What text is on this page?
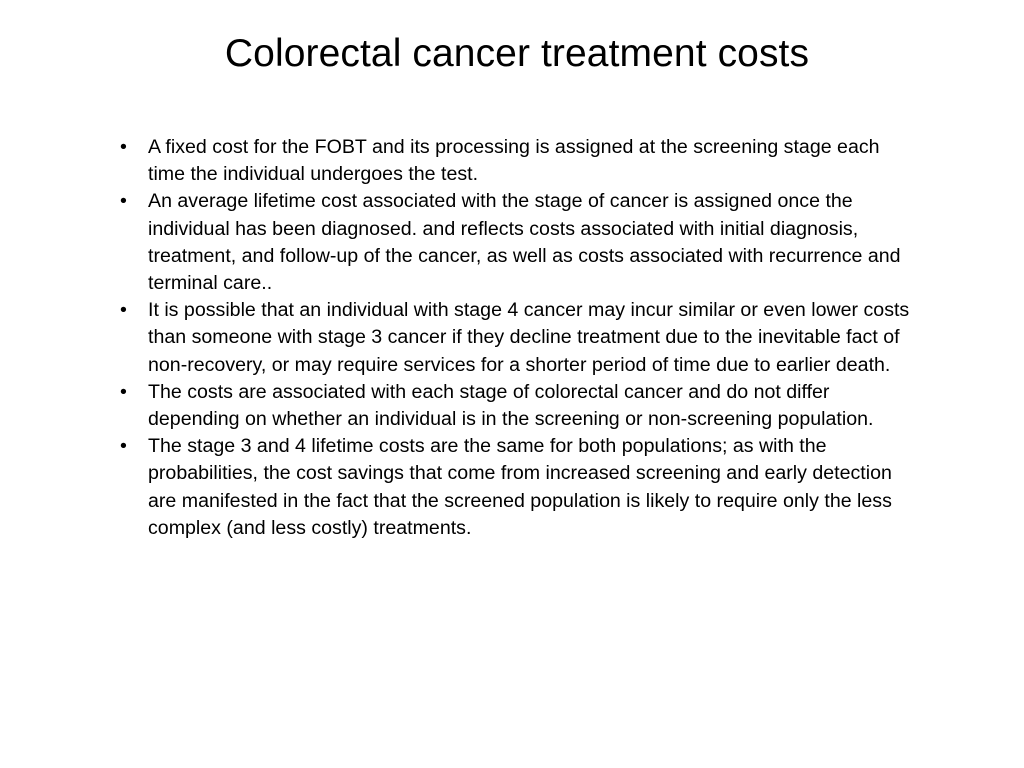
Colorectal cancer treatment costs
•	A fixed cost for the FOBT and its processing is assigned at the screening stage each time the individual undergoes the test.
•	An average lifetime cost associated with the stage of cancer is assigned once the individual has been diagnosed. and reflects costs associated with initial diagnosis, treatment, and follow-up of the cancer, as well as costs associated with recurrence and terminal care..
•	It is possible that an individual with stage 4 cancer may incur similar or even lower costs than someone with stage 3 cancer if they decline treatment due to the inevitable fact of non-recovery, or may require services for a shorter period of time due to earlier death.
•	The costs are associated with each stage of colorectal cancer and do not differ depending on whether an individual is in the screening or non-screening population.
•	The stage 3 and 4 lifetime costs are the same for both populations; as with the probabilities, the cost savings that come from increased screening and early detection are manifested in the fact that the screened population is likely to require only the less complex (and less costly) treatments.
